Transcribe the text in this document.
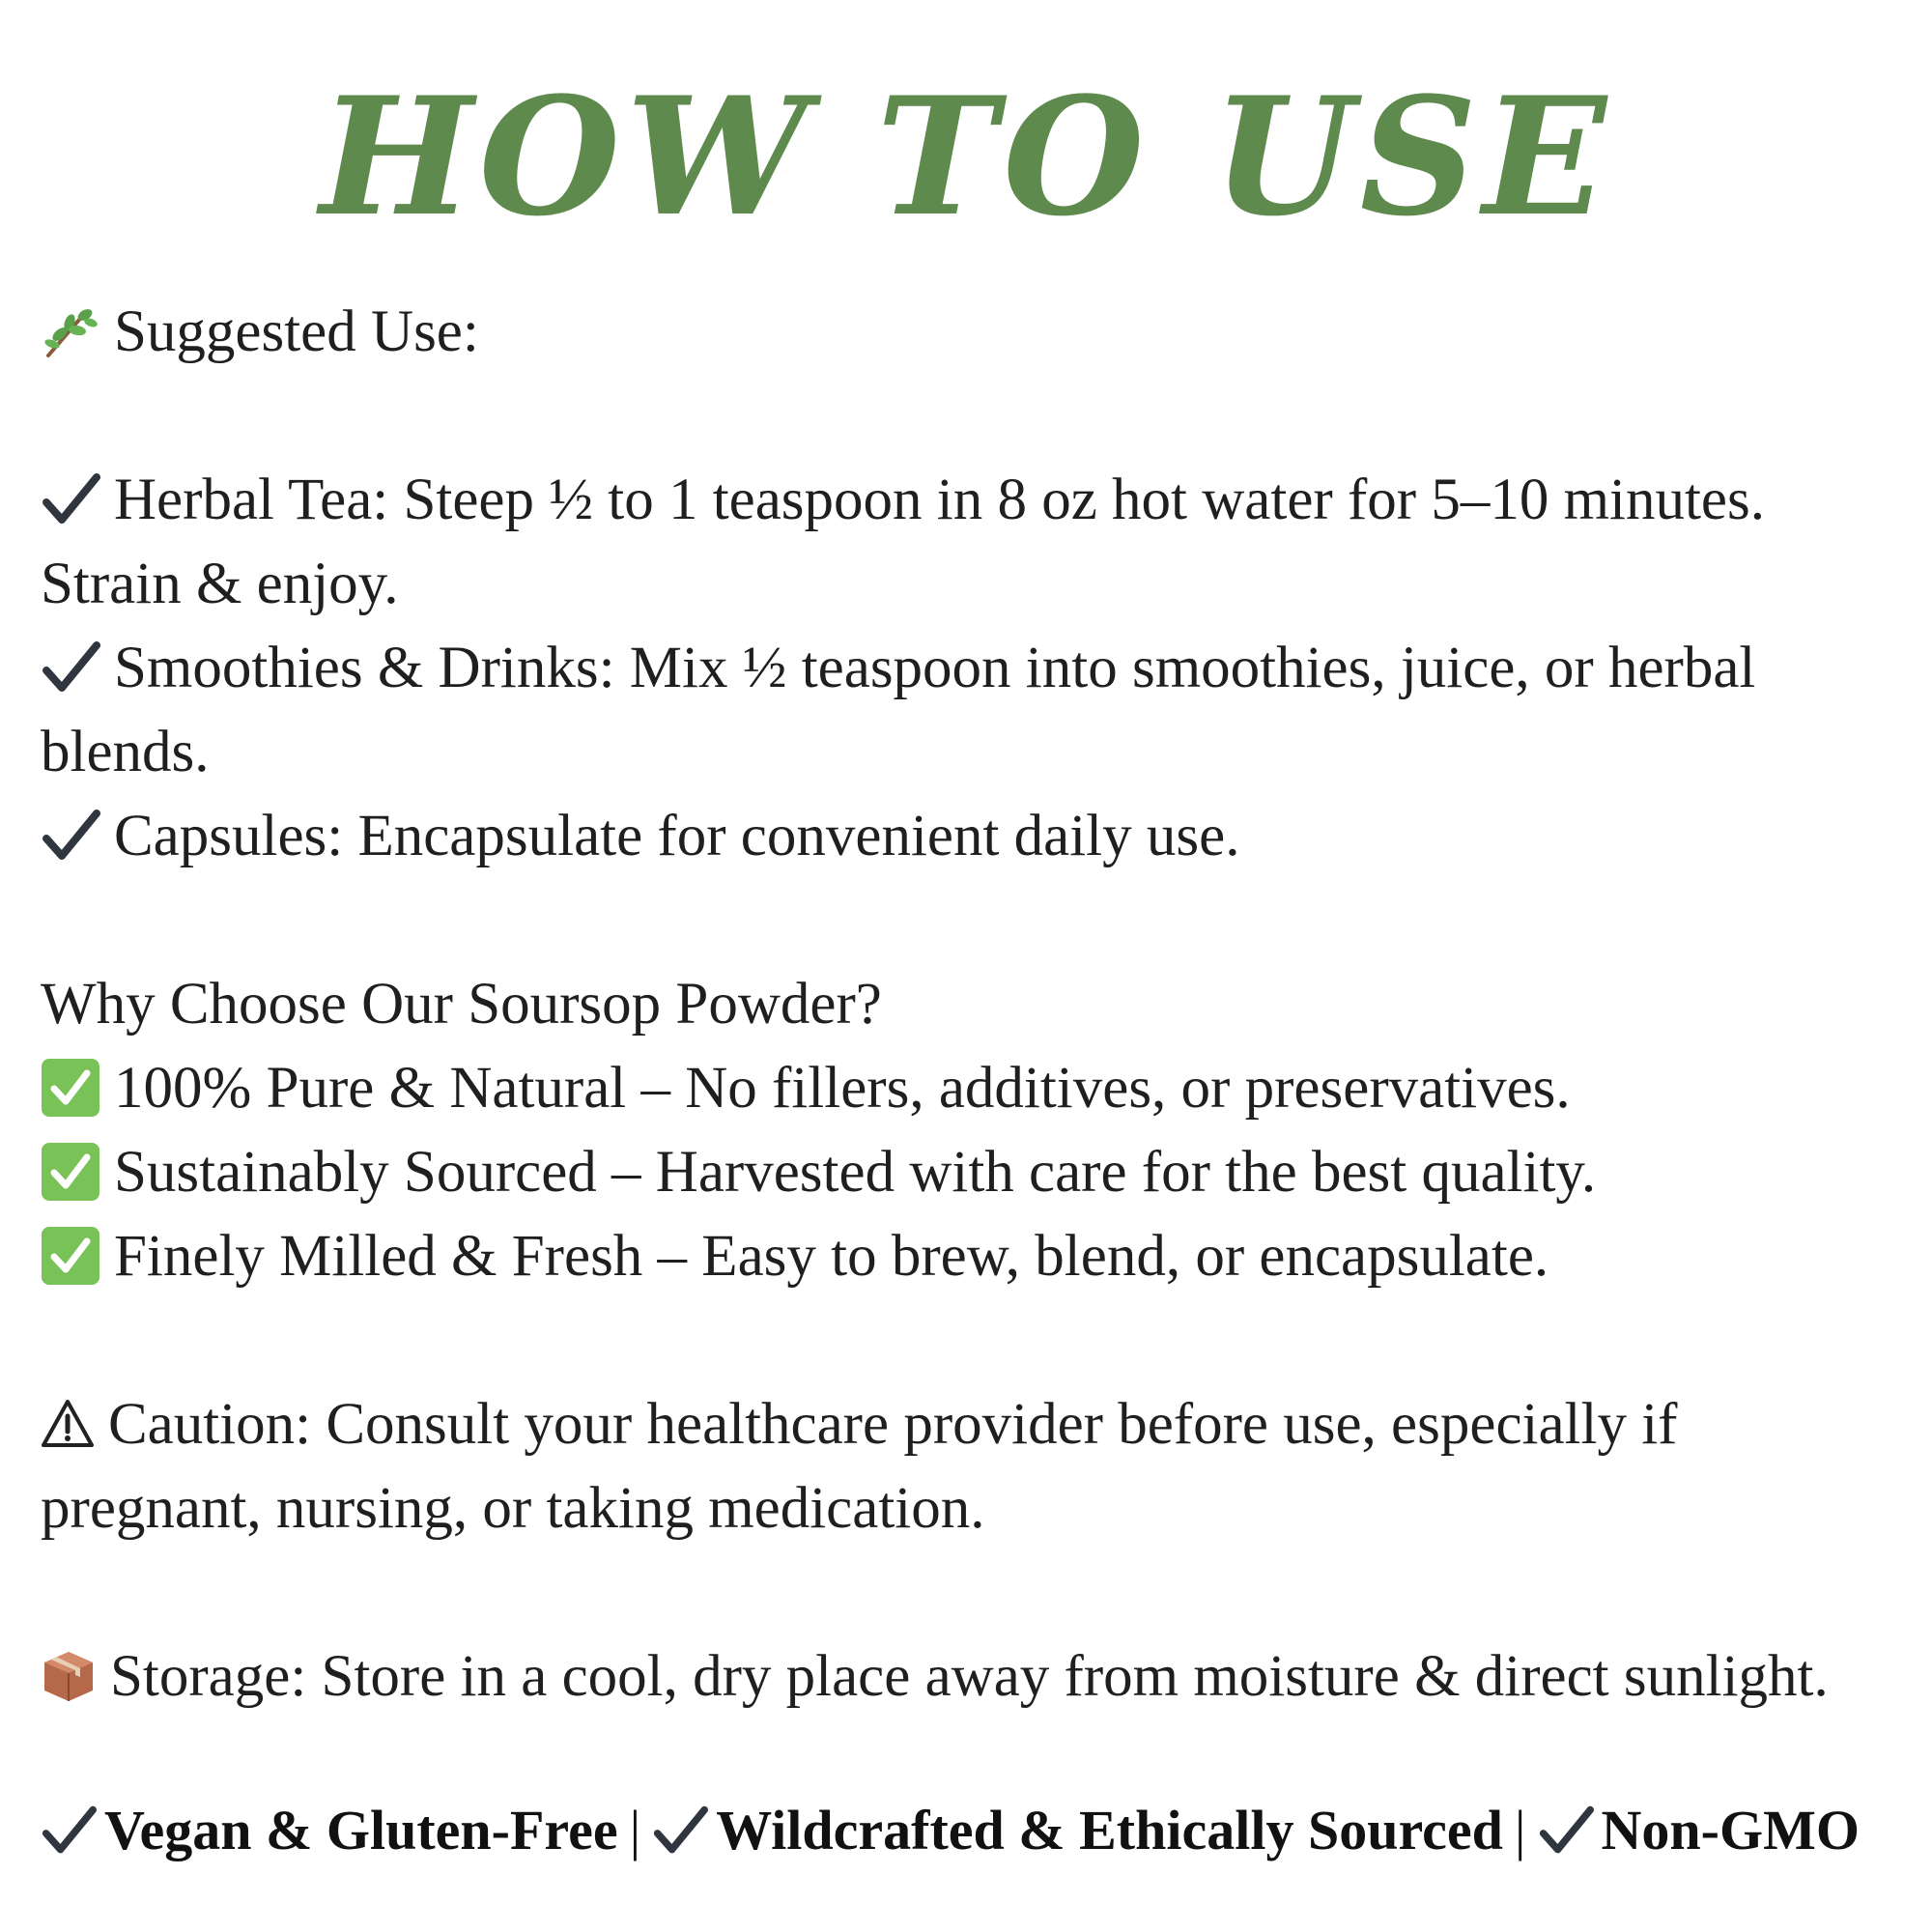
HOW TO USE
Suggested Use:
Herbal Tea: Steep ½ to 1 teaspoon in 8 oz hot water for 5–10 minutes.
Strain & enjoy.
Smoothies & Drinks: Mix ½ teaspoon into smoothies, juice, or herbal
blends.
Capsules: Encapsulate for convenient daily use.
Why Choose Our Soursop Powder?
100% Pure & Natural – No fillers, additives, or preservatives.
Sustainably Sourced – Harvested with care for the best quality.
Finely Milled & Fresh – Easy to brew, blend, or encapsulate.
Caution: Consult your healthcare provider before use, especially if
pregnant, nursing, or taking medication.
Storage: Store in a cool, dry place away from moisture & direct sunlight.
Vegan & Gluten-Free | Wildcrafted & Ethically Sourced | Non-GMO
